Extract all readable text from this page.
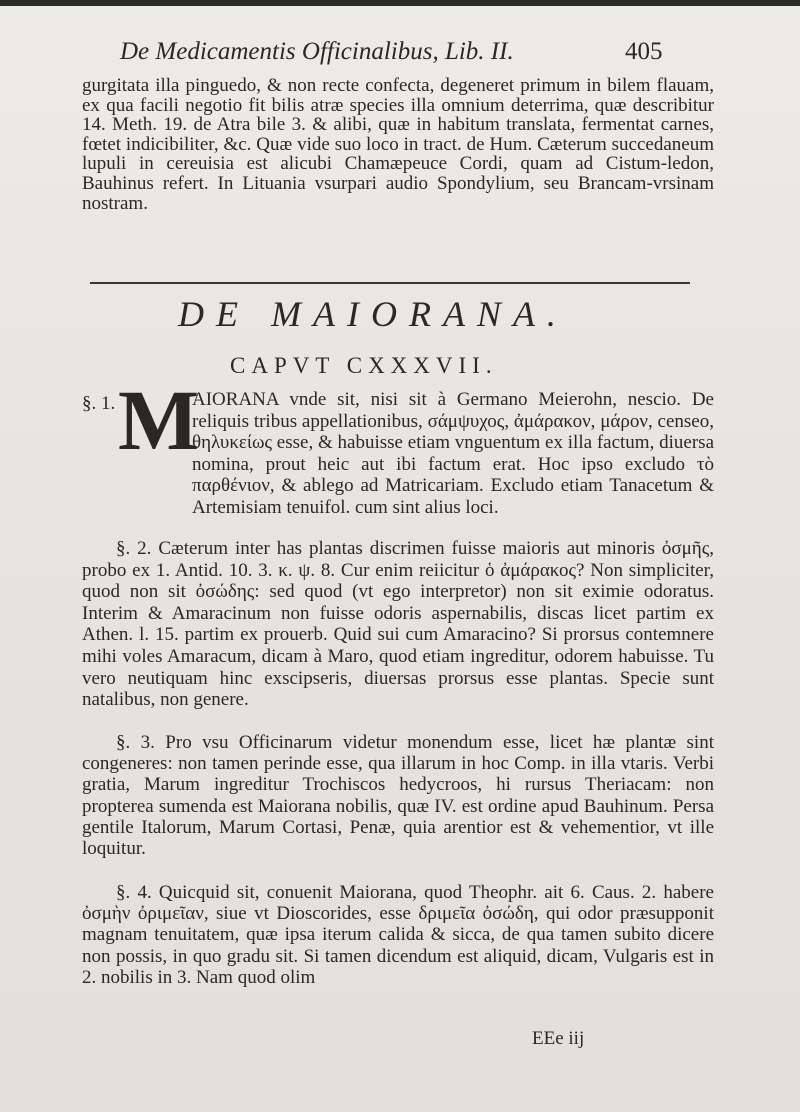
De Medicamentis Officinalibus, Lib. II.	405

gurgitata illa pinguedo, & non recte confecta, degeneret primum in bilem flauam, ex qua facili negotio fit bilis atræ species illa omnium deterrima, quæ describitur 14. Meth. 19. de Atra bile 3. & alibi, quæ in habitum translata, fermentat carnes, fœtet indicibiliter, &c. Quæ vide suo loco in tract. de Hum. Cæterum succedaneum lupuli in cereuisia est alicubi Chamæpeuce Cordi, quam ad Cistum-ledon, Bauhinus refert. In Lituania vsurpari audio Spondylium, seu Brancam-vrsinam nostram.

DE MAIORANA.
CAPVT CXXXVII.
§. 1. M
AIORANA vnde sit, nisi sit à Germano Meierohn, nescio. De reliquis tribus appellationibus, σάμψυχος, ἀμάρακον, μάρον, censeo, θηλυκείως esse, & habuisse etiam vnguentum ex illa factum, diuersa nomina, prout heic aut ibi factum erat. Hoc ipso excludo τὸ παρθένιον, & ablego ad Matricariam. Excludo etiam Tanacetum & Artemisiam tenuifol. cum sint alius loci.

§. 2. Cæterum inter has plantas discrimen fuisse maioris aut minoris ὀσμῆς, probo ex 1. Antid. 10. 3. κ. ψ. 8. Cur enim reiicitur ὁ ἀμάρακος? Non simpliciter, quod non sit ὀσώδης: sed quod (vt ego interpretor) non sit eximie odoratus. Interim & Amaracinum non fuisse odoris aspernabilis, discas licet partim ex Athen. l. 15. partim ex prouerb. Quid sui cum Amaracino? Si prorsus contemnere mihi voles Amaracum, dicam à Maro, quod etiam ingreditur, odorem habuisse. Tu vero neutiquam hinc exscipseris, diuersas prorsus esse plantas. Specie sunt natalibus, non genere.

§. 3. Pro vsu Officinarum videtur monendum esse, licet hæ plantæ sint congeneres: non tamen perinde esse, qua illarum in hoc Comp. in illa vtaris. Verbi gratia, Marum ingreditur Trochiscos hedycroos, hi rursus Theriacam: non propterea sumenda est Maiorana nobilis, quæ IV. est ordine apud Bauhinum. Persa gentile Italorum, Marum Cortasi, Penæ, quia arentior est & vehementior, vt ille loquitur.

§. 4. Quicquid sit, conuenit Maiorana, quod Theophr. ait 6. Caus. 2. habere ὀσμὴν ὀριμεῖαν, siue vt Dioscorides, esse δριμεῖα ὀσώδη, qui odor præsupponit magnam tenuitatem, quæ ipsa iterum calida & sicca, de qua tamen subito dicere non possis, in quo gradu sit. Si tamen dicendum est aliquid, dicam, Vulgaris est in 2. nobilis in 3. Nam quod olim

EEe iij
